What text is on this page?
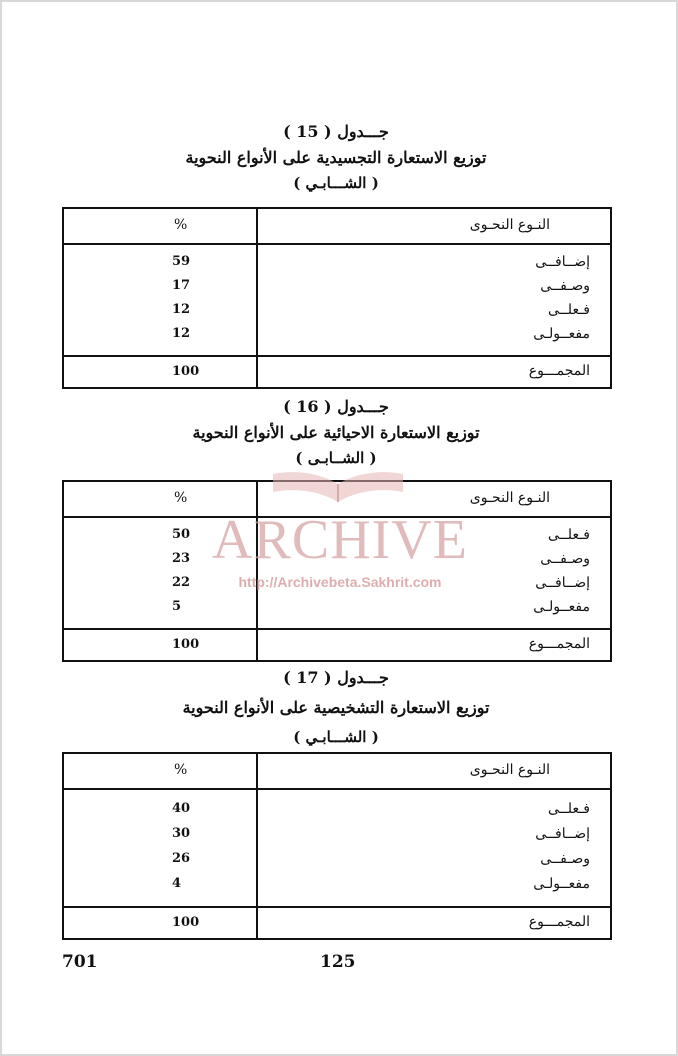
جـــدول ( 15 )
توزيع الاستعارة التجسيدية على الأنواع النحوية
( الشـــابـي )
النـوع النحـوى
%
إضــافــى
59
وصـفــى
17
فـعلــى
12
مفعــولـى
12
المجمـــوع
100
جـــدول ( 16 )
توزيع الاستعارة الاحيائية على الأنواع النحوية
( الشــابـى )
النـوع النحـوى
%
فـعلــى
50
وصـفــى
23
إضــافــى
22
مفعــولـى
5
المجمـــوع
100
جـــدول ( 17 )
توزيع الاستعارة التشخيصية على الأنواع النحوية
( الشـــابـي )
النـوع النحـوى
%
فـعلــى
40
إضــافــى
30
وصـفــى
26
مفعــولـى
4
المجمـــوع
100
ARCHIVE
http://Archivebeta.Sakhrit.com
701	125
